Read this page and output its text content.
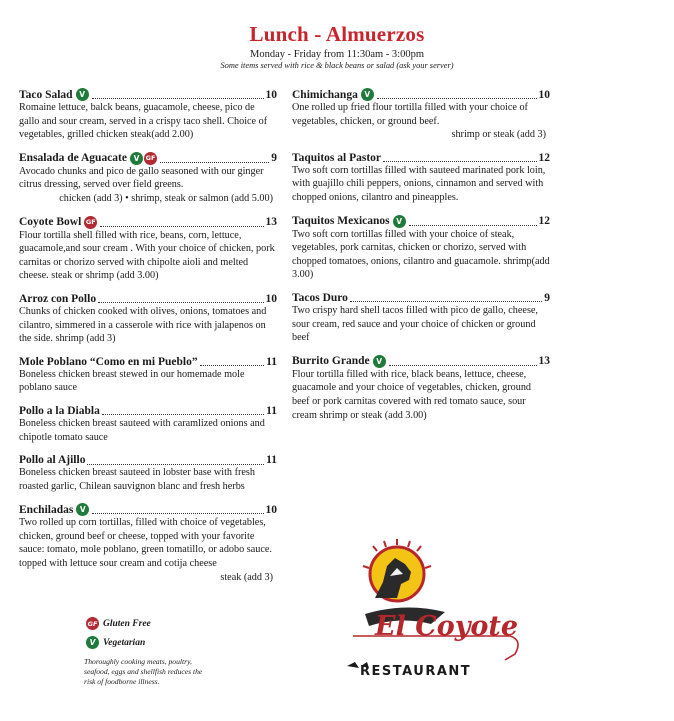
Lunch - Almuerzos
Monday - Friday from 11:30am - 3:00pm
Some items served with rice & black beans or salad (ask your server)
Taco Salad V	10
Romaine lettuce, balck beans, guacamole, cheese, pico de gallo and sour cream, served in a crispy taco shell. Choice of vegetables, grilled chicken steak(add 2.00)
Ensalada de Aguacate V GF	9
Avocado chunks and pico de gallo seasoned with our ginger citrus dressing, served over field greens.
chicken (add 3) • shrimp, steak or salmon (add 5.00)
Coyote Bowl GF	13
Flour tortilla shell filled with rice, beans, corn, lettuce, guacamole,and sour cream . With your choice of chicken, pork carnitas or chorizo served with chipolte aioli and melted cheese. steak or shrimp (add 3.00)
Arroz con Pollo	10
Chunks of chicken cooked with olives, onions, tomatoes and cilantro, simmered in a casserole with rice with jalapenos on the side. shrimp (add 3)
Mole Poblano “Como en mi Pueblo”	11
Boneless chicken breast stewed in our homemade mole poblano sauce
Pollo a la Diabla	11
Boneless chicken breast sauteed with caramlized onions and chipotle tomato sauce
Pollo al Ajillo	11
Boneless chicken breast sauteed in lobster base with fresh roasted garlic, Chilean sauvignon blanc and fresh herbs
Enchiladas V	10
Two rolled up corn tortillas, filled with choice of vegetables, chicken, ground beef or cheese, topped with your favorite sauce: tomato, mole poblano, green tomatillo, or adobo sauce. topped with lettuce sour cream and cotija cheese
steak (add 3)
Chimichanga V	10
One rolled up fried flour tortilla filled with your choice of vegetables, chicken, or ground beef.
shrimp or steak (add 3)
Taquitos al Pastor	12
Two soft corn tortillas filled with sauteed marinated pork loin, with guajillo chili peppers, onions, cinnamon and served with chopped onions, cilantro and pineapples.
Taquitos Mexicanos V	12
Two soft corn tortillas filled with your choice of steak, vegetables, pork carnitas, chicken or chorizo, served with chopped tomatoes, onions, cilantro and guacamole. shrimp(add 3.00)
Tacos Duro	9
Two crispy hard shell tacos filled with pico de gallo, cheese, sour cream, red sauce and your choice of chicken or ground beef
Burrito Grande V	13
Flour tortilla filled with rice, black beans, lettuce, cheese, guacamole and your choice of vegetables, chicken, ground beef or pork carnitas covered with red tomato sauce, sour cream shrimp or steak (add 3.00)
GF Gluten Free
V Vegetarian
Thoroughly cooking meats, poultry, seafood, eggs and shellfish reduces the risk of foodborne illness.
El Coyote
RESTAURANT
